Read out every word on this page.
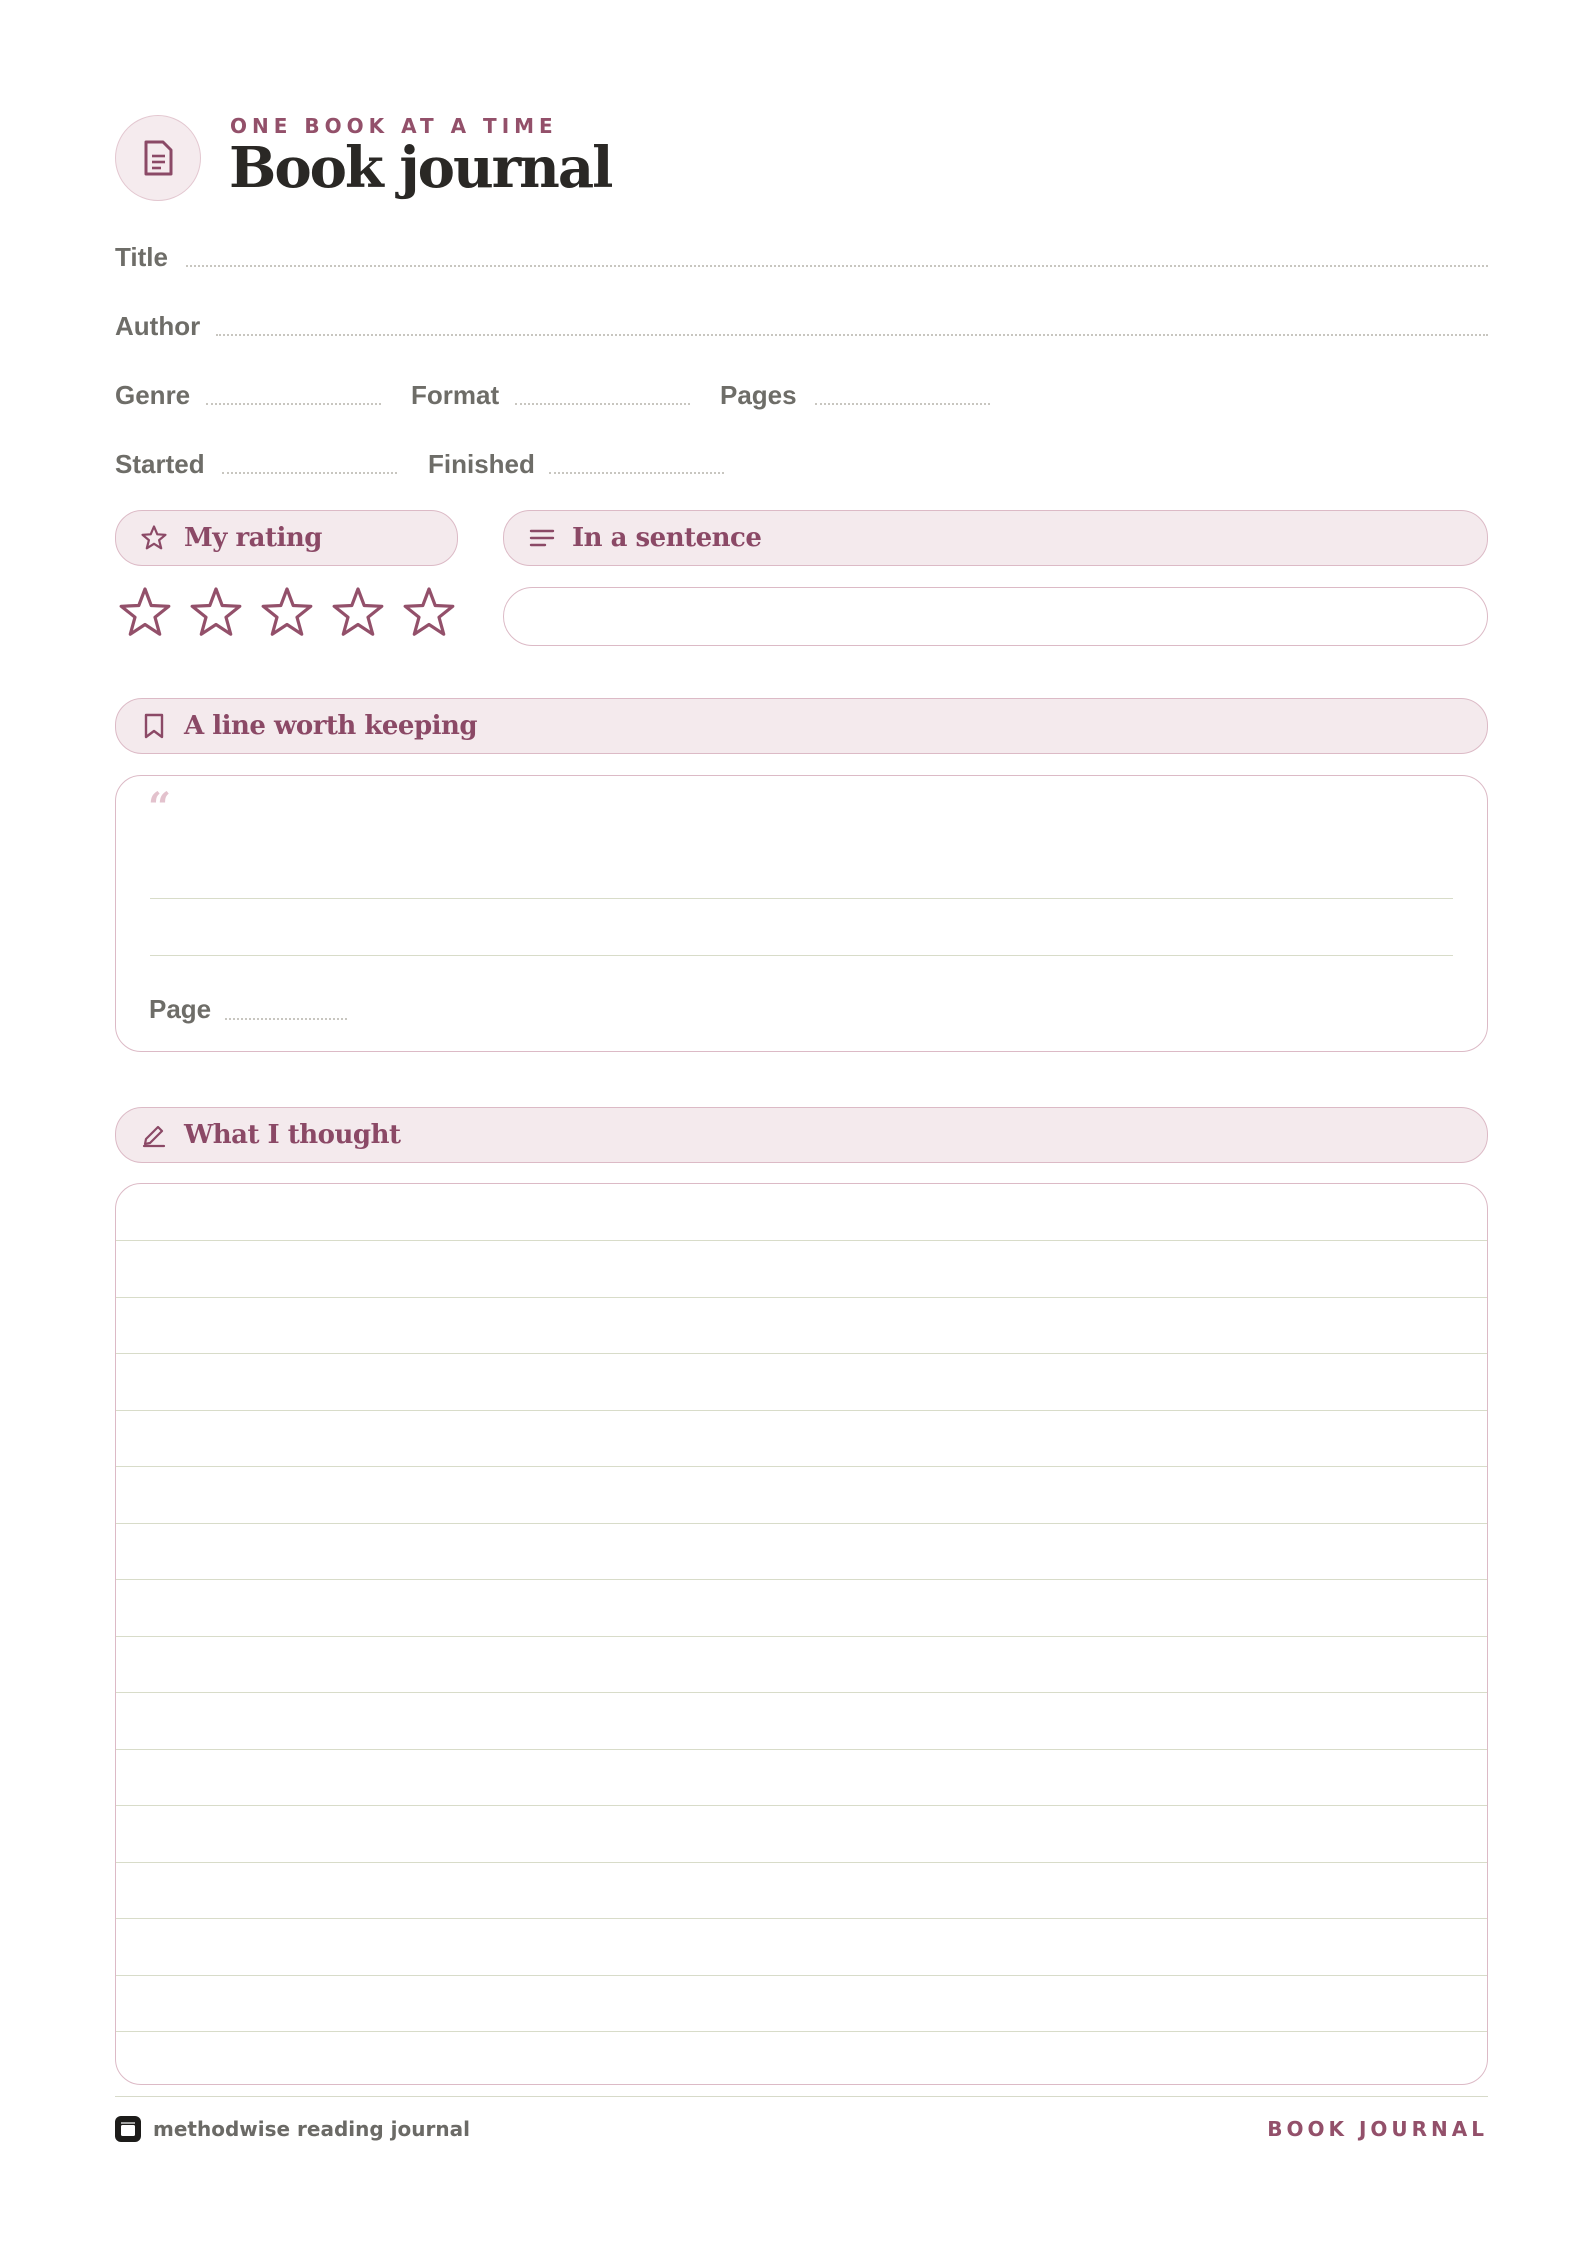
ONE BOOK AT A TIME
Book journal
Title
Author
Genre	Format	Pages
Started	Finished
My rating	In a sentence
A line worth keeping
“
Page
What I thought
methodwise reading journal	BOOK JOURNAL
